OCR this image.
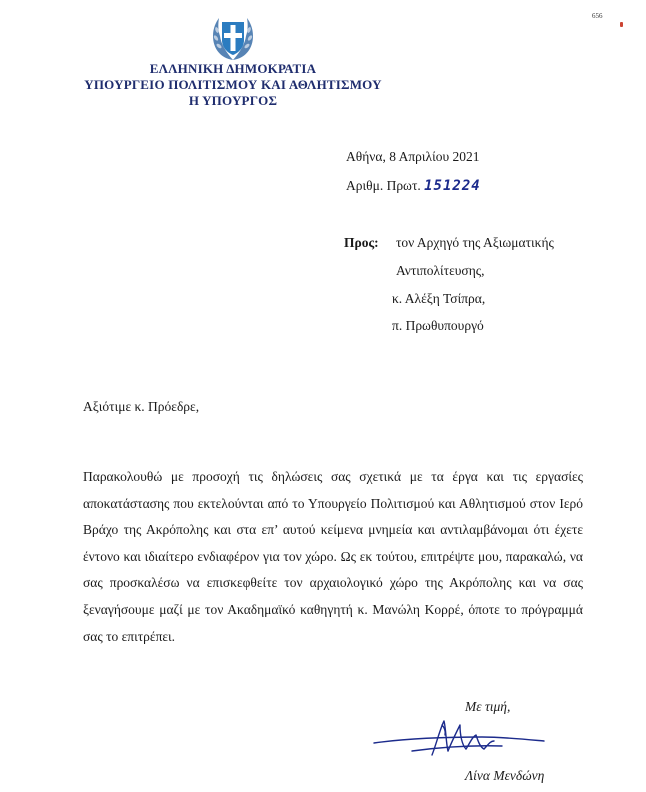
656
ΕΛΛΗΝΙΚΗ ΔΗΜΟΚΡΑΤΙΑ
ΥΠΟΥΡΓΕΙΟ ΠΟΛΙΤΙΣΜΟΥ ΚΑΙ ΑΘΛΗΤΙΣΜΟΥ
Η ΥΠΟΥΡΓΟΣ
Αθήνα, 8 Απριλίου 2021
Αριθμ. Πρωτ. 151224
Προς: τον Αρχηγό της Αξιωματικής
Αντιπολίτευσης,
κ. Αλέξη Τσίπρα,
π. Πρωθυπουργό
Αξιότιμε κ. Πρόεδρε,
Παρακολουθώ με προσοχή τις δηλώσεις σας σχετικά με τα έργα και τις εργασίες αποκατάστασης που εκτελούνται από το Υπουργείο Πολιτισμού και Αθλητισμού στον Ιερό Βράχο της Ακρόπολης και στα επ’ αυτού κείμενα μνημεία και αντιλαμβάνομαι ότι έχετε έντονο και ιδιαίτερο ενδιαφέρον για τον χώρο. Ως εκ τούτου, επιτρέψτε μου, παρακαλώ, να σας προσκαλέσω να επισκεφθείτε τον αρχαιολογικό χώρο της Ακρόπολης και να σας ξεναγήσουμε μαζί με τον Ακαδημαϊκό καθηγητή κ. Μανώλη Κορρέ, όποτε το πρόγραμμά σας το επιτρέπει.
Με τιμή,
Λίνα Μενδώνη
